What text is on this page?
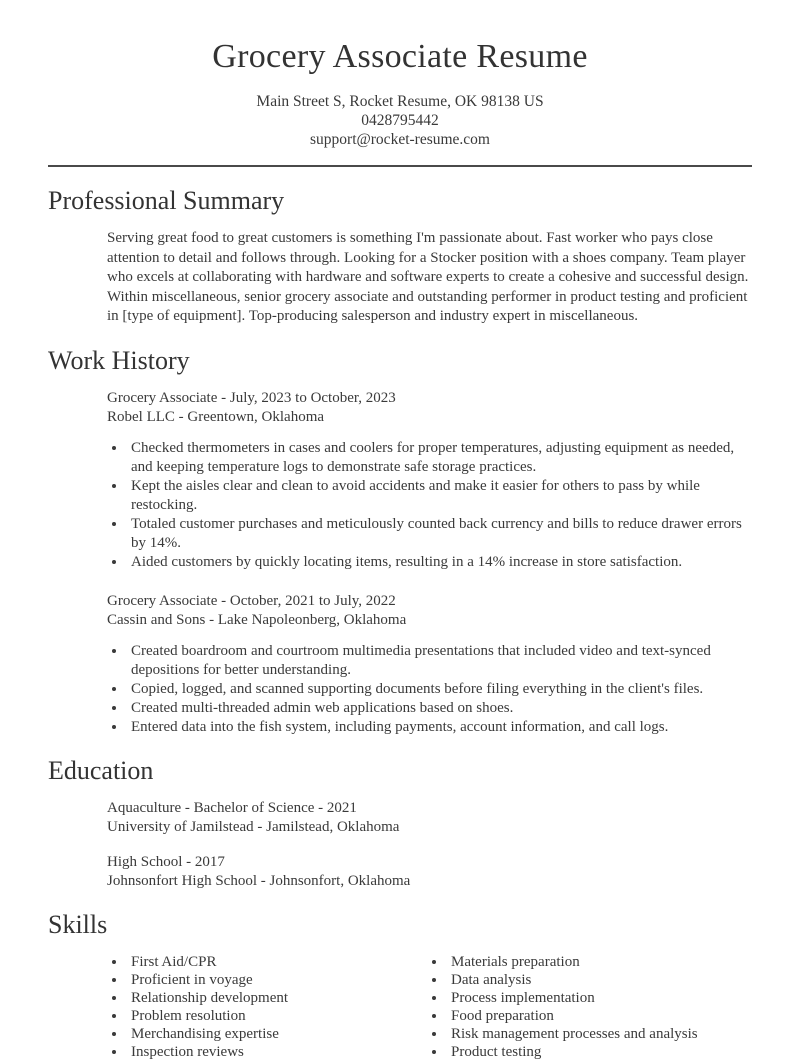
Grocery Associate Resume
Main Street S, Rocket Resume, OK 98138 US
0428795442
support@rocket-resume.com
Professional Summary

Serving great food to great customers is something I'm passionate about. Fast worker who pays close attention to detail and follows through. Looking for a Stocker position with a shoes company. Team player who excels at collaborating with hardware and software experts to create a cohesive and successful design. Within miscellaneous, senior grocery associate and outstanding performer in product testing and proficient in [type of equipment]. Top-producing salesperson and industry expert in miscellaneous.

Work History
Grocery Associate - July, 2023 to October, 2023
Robel LLC - Greentown, Oklahoma
• Checked thermometers in cases and coolers for proper temperatures, adjusting equipment as needed, and keeping temperature logs to demonstrate safe storage practices.
• Kept the aisles clear and clean to avoid accidents and make it easier for others to pass by while restocking.
• Totaled customer purchases and meticulously counted back currency and bills to reduce drawer errors by 14%.
• Aided customers by quickly locating items, resulting in a 14% increase in store satisfaction.
Grocery Associate - October, 2021 to July, 2022
Cassin and Sons - Lake Napoleonberg, Oklahoma
• Created boardroom and courtroom multimedia presentations that included video and text-synced depositions for better understanding.
• Copied, logged, and scanned supporting documents before filing everything in the client's files.
• Created multi-threaded admin web applications based on shoes.
• Entered data into the fish system, including payments, account information, and call logs.
Education
Aquaculture - Bachelor of Science - 2021
University of Jamilstead - Jamilstead, Oklahoma
High School - 2017
Johnsonfort High School - Johnsonfort, Oklahoma
Skills
• First Aid/CPR
• Proficient in voyage
• Relationship development
• Problem resolution
• Merchandising expertise
• Inspection reviews
• Materials preparation
• Data analysis
• Process implementation
• Food preparation
• Risk management processes and analysis
• Product testing
